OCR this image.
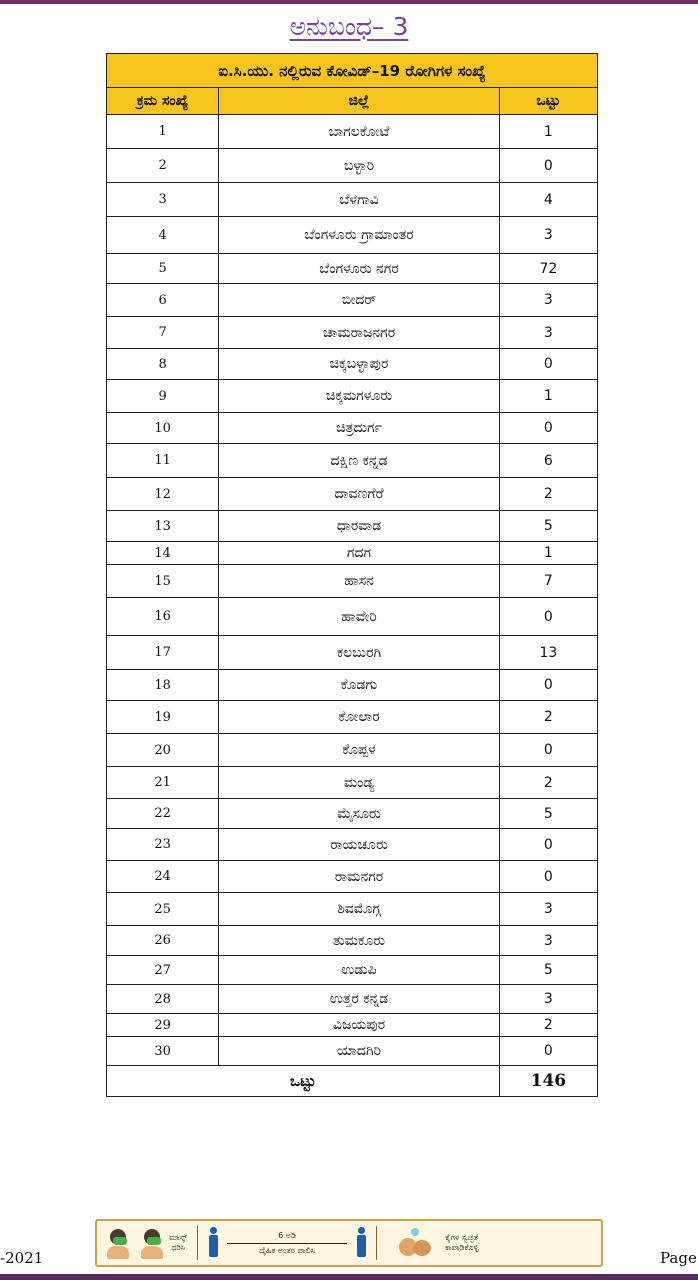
ಅನುಬಂಧ– 3
ಐ.ಸಿ.ಯು. ನಲ್ಲಿರುವ ಕೋವಿಡ್–19 ರೋಗಿಗಳ ಸಂಖ್ಯೆ		
ಕ್ರಮ ಸಂಖ್ಯೆ	ಜಿಲ್ಲೆ	ಒಟ್ಟು
1	ಬಾಗಲಕೋಟೆ	1
2	ಬಳ್ಳಾರಿ	0
3	ಬೆಳಗಾವಿ	4
4	ಬೆಂಗಳೂರು ಗ್ರಾಮಾಂತರ	3
5	ಬೆಂಗಳೂರು ನಗರ	72
6	ಬೀದರ್	3
7	ಚಾಮರಾಜನಗರ	3
8	ಚಿಕ್ಕಬಳ್ಳಾಪುರ	0
9	ಚಿಕ್ಕಮಗಳೂರು	1
10	ಚಿತ್ರದುರ್ಗ	0
11	ದಕ್ಷಿಣ ಕನ್ನಡ	6
12	ದಾವಣಗೆರೆ	2
13	ಧಾರವಾಡ	5
14	ಗದಗ	1
15	ಹಾಸನ	7
16	ಹಾವೇರಿ	0
17	ಕಲಬುರಗಿ	13
18	ಕೊಡಗು	0
19	ಕೋಲಾರ	2
20	ಕೊಪ್ಪಳ	0
21	ಮಂಡ್ಯ	2
22	ಮೈಸೂರು	5
23	ರಾಯಚೂರು	0
24	ರಾಮನಗರ	0
25	ಶಿವಮೊಗ್ಗ	3
26	ತುಮಕೂರು	3
27	ಉಡುಪಿ	5
28	ಉತ್ತರ ಕನ್ನಡ	3
29	ವಿಜಯಪುರ	2
30	ಯಾದಗಿರಿ	0
ಒಟ್ಟು		146
-2021	Page
ಮಾಸ್ಕ್
ಧರಿಸಿ
6 ಅಡಿ
ದೈಹಿಕ ಅಂತರ ಪಾಲಿಸಿ
ಕೈಗಳ ಸ್ವಚ್ಛತೆ
ಕಾಪಾಡಿಕೊಳ್ಳಿ
